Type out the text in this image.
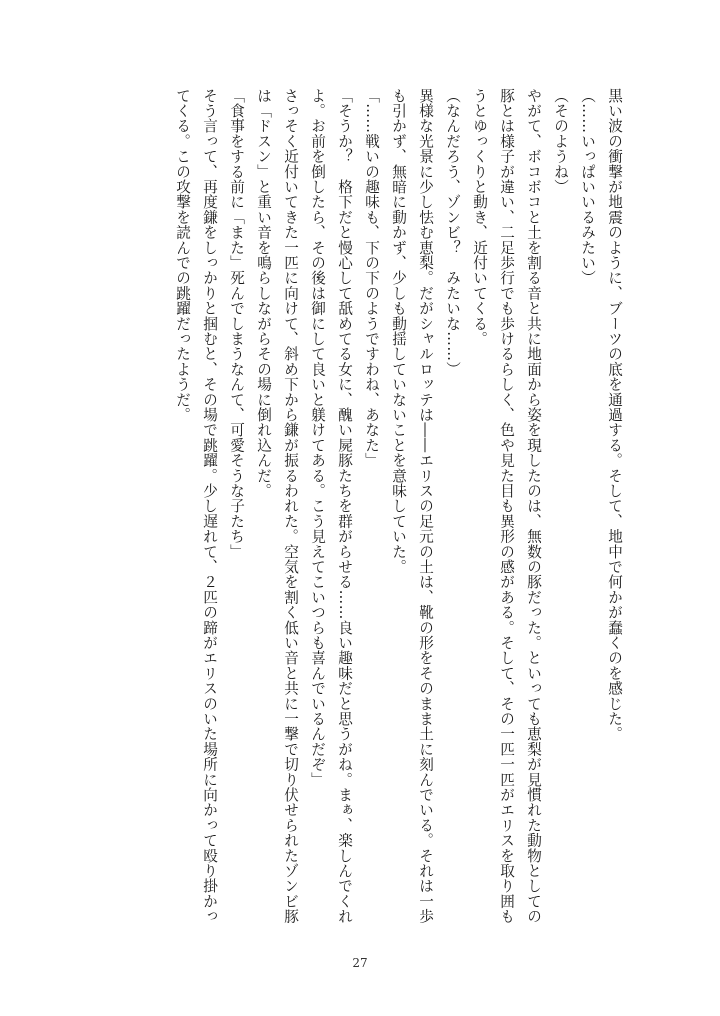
黒い波の衝撃が地震のように、ブーツの底を通過する。そして、地中で何かが蠢くのを感じた。

（……いっぱいいるみたい）

（そのようね）

やがて、ボコボコと土を割る音と共に地面から姿を現したのは、無数の豚だった。といっても恵梨が見慣れた動物としての豚とは様子が違い、二足歩行でも歩けるらしく、色や見た目も異形の感がある。そして、その一匹一匹がエリスを取り囲もうとゆっくりと動き、近付いてくる。

（なんだろう、ゾンビ？　みたいな……）

異様な光景に少し怯む恵梨。だがシャルロッテは――エリスの足元の土は、靴の形をそのまま土に刻んでいる。それは一歩も引かず、無暗に動かず、少しも動揺していないことを意味していた。

「……戦いの趣味も、下の下のようですわね、あなた」

「そうか？　格下だと慢心して舐めてる女に、醜い屍豚たちを群がらせる……良い趣味だと思うがね。まぁ、楽しんでくれよ。お前を倒したら、その後は御にして良いと躾けてある。こう見えてこいつらも喜んでいるんだぞ」

さっそく近付いてきた一匹に向けて、斜め下から鎌が振るわれた。空気を割く低い音と共に一撃で切り伏せられたゾンビ豚は「ドスン」と重い音を鳴らしながらその場に倒れ込んだ。

「食事をする前に「また」死んでしまうなんて、可愛そうな子たち」

そう言って、再度鎌をしっかりと掴むと、その場で跳躍。少し遅れて、２匹の蹄がエリスのいた場所に向かって殴り掛かってくる。この攻撃を読んでの跳躍だったようだ。

27
